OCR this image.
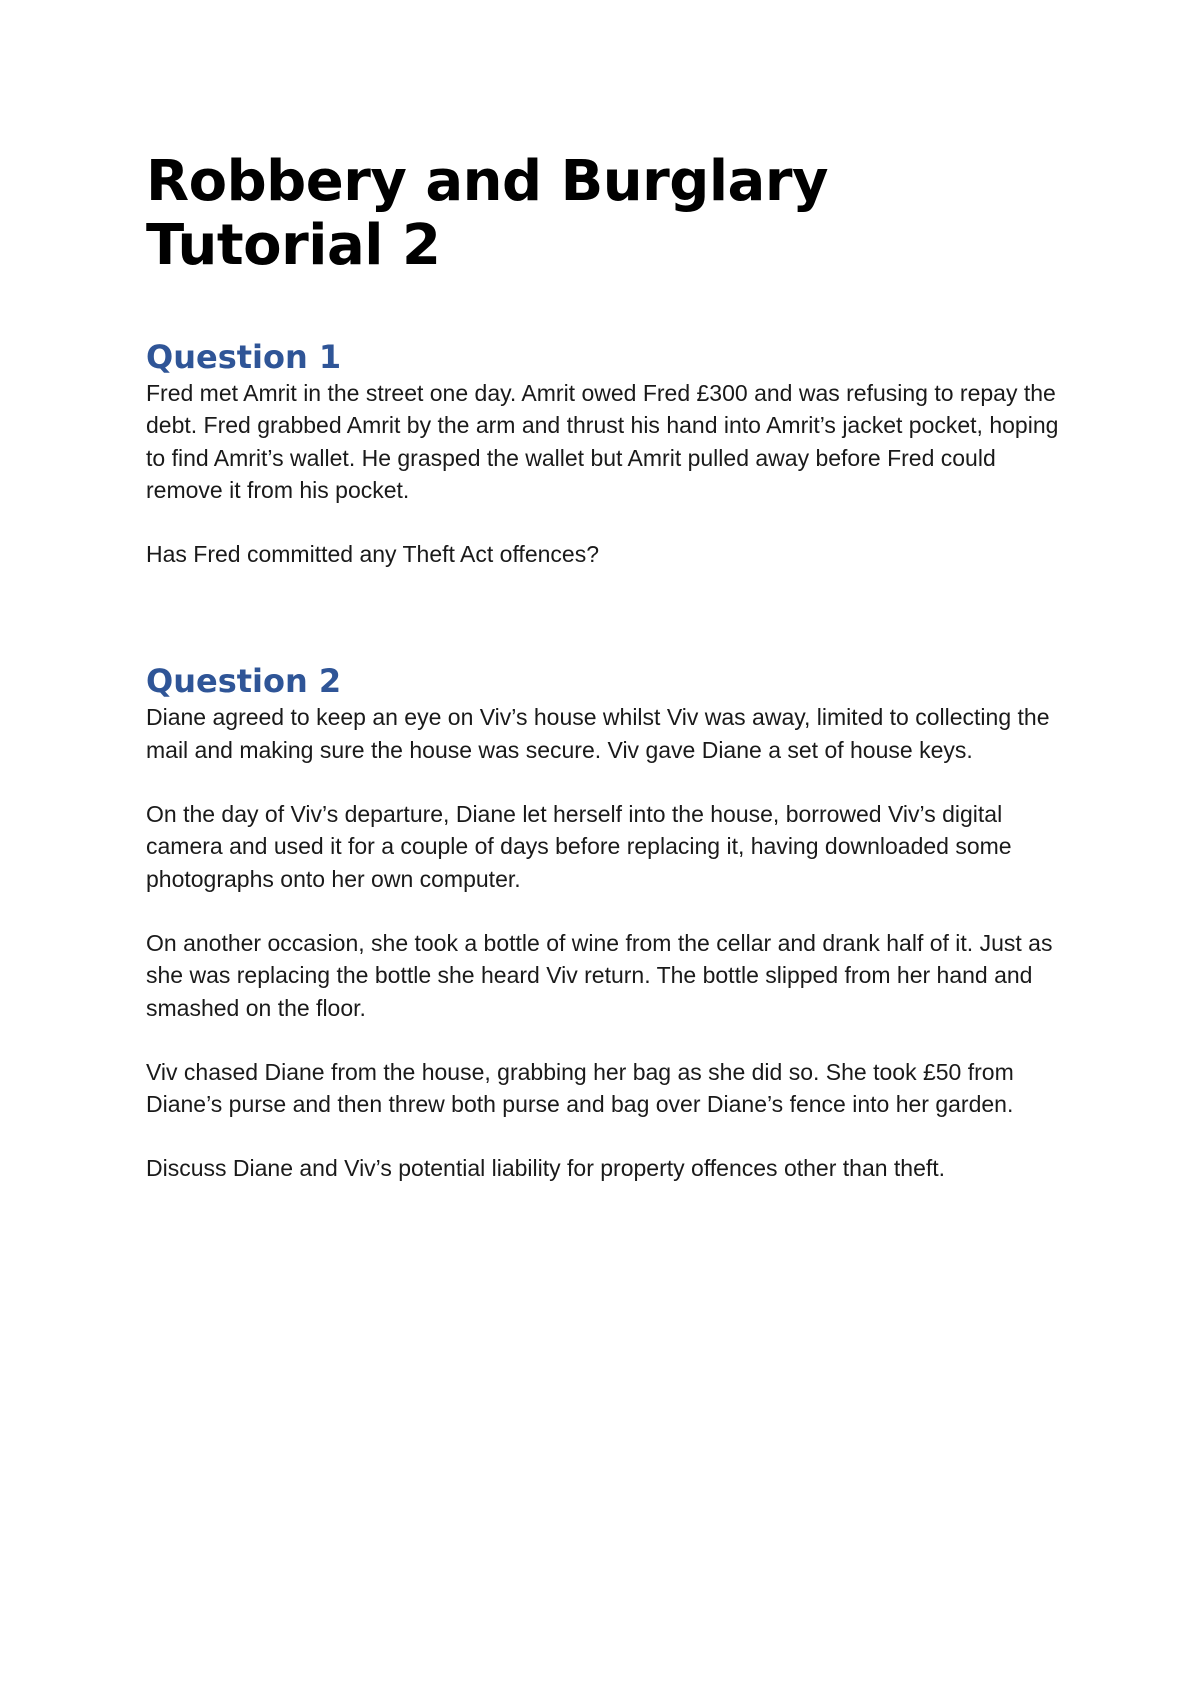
Robbery and Burglary
Tutorial 2
Question 1

Fred met Amrit in the street one day. Amrit owed Fred £300 and was refusing to repay the debt. Fred grabbed Amrit by the arm and thrust his hand into Amrit’s jacket pocket, hoping to find Amrit’s wallet. He grasped the wallet but Amrit pulled away before Fred could remove it from his pocket.

Has Fred committed any Theft Act offences?

Question 2

Diane agreed to keep an eye on Viv’s house whilst Viv was away, limited to collecting the mail and making sure the house was secure. Viv gave Diane a set of house keys.

On the day of Viv’s departure, Diane let herself into the house, borrowed Viv’s digital camera and used it for a couple of days before replacing it, having downloaded some photographs onto her own computer.

On another occasion, she took a bottle of wine from the cellar and drank half of it. Just as she was replacing the bottle she heard Viv return. The bottle slipped from her hand and smashed on the floor.

Viv chased Diane from the house, grabbing her bag as she did so. She took £50 from Diane’s purse and then threw both purse and bag over Diane’s fence into her garden.

Discuss Diane and Viv’s potential liability for property offences other than theft.
